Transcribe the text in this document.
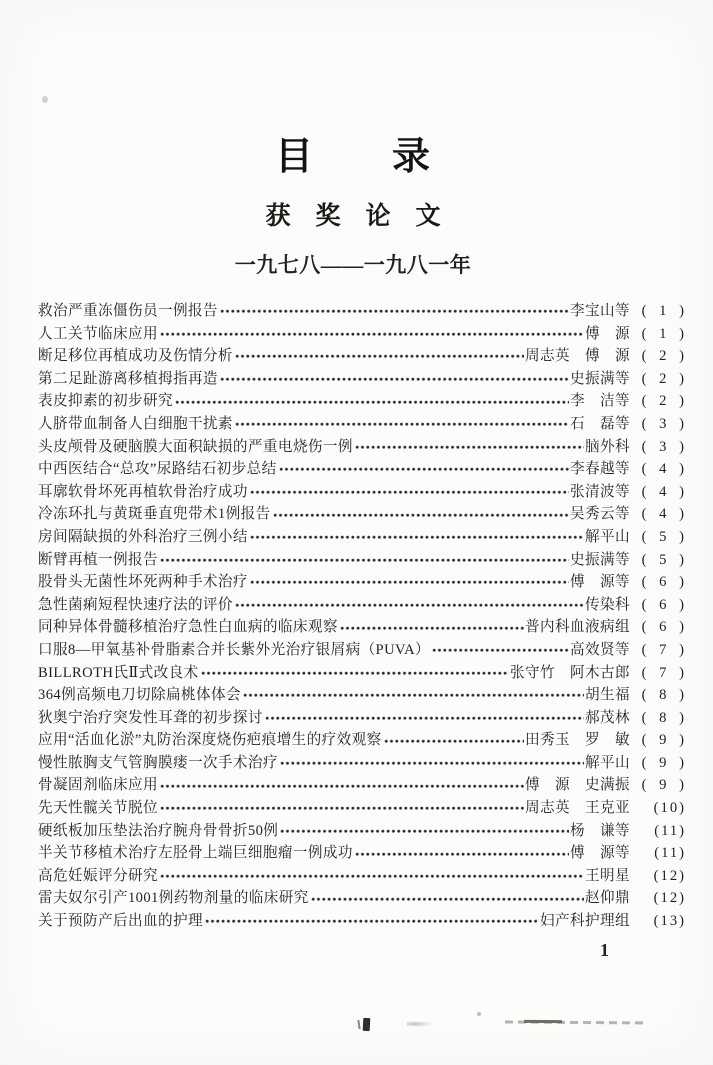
目　　录
获　奖　论　文
一九七八——一九八一年
救治严重冻僵伤员一例报告	李宝山等 ( 1 )
人工关节临床应用	傅　源 ( 1 )
断足移位再植成功及伤情分析	周志英　傅　源 ( 2 )
第二足趾游离移植拇指再造	史振满等 ( 2 )
表皮抑素的初步研究	李　洁等 ( 2 )
人脐带血制备人白细胞干扰素	石　磊等 ( 3 )
头皮颅骨及硬脑膜大面积缺损的严重电烧伤一例	脑外科 ( 3 )
中西医结合“总攻”尿路结石初步总结	李春越等 ( 4 )
耳廓软骨坏死再植软骨治疗成功	张清波等 ( 4 )
冷冻环扎与黄斑垂直兜带术1例报告	吴秀云等 ( 4 )
房间隔缺损的外科治疗三例小结	解平山 ( 5 )
断臂再植一例报告	史振满等 ( 5 )
股骨头无菌性坏死两种手术治疗	傅　源等 ( 6 )
急性菌痢短程快速疗法的评价	传染科 ( 6 )
同种异体骨髓移植治疗急性白血病的临床观察	普内科血液病组 ( 6 )
口服8—甲氧基补骨脂素合并长紫外光治疗银屑病（PUVA）	高效贤等 ( 7 )
BILLROTH氏Ⅱ式改良术	张守竹　阿木古郎 ( 7 )
364例高频电刀切除扁桃体体会	胡生福 ( 8 )
狄奥宁治疗突发性耳聋的初步探讨	郝茂林 ( 8 )
应用“活血化淤”丸防治深度烧伤疤痕增生的疗效观察	田秀玉　罗　敏 ( 9 )
慢性脓胸支气管胸膜瘘一次手术治疗	解平山 ( 9 )
骨凝固剂临床应用	傅　源　史满振 ( 9 )
先天性髋关节脱位	周志英　王克亚	(10)
硬纸板加压垫法治疗腕舟骨骨折50例	杨　谦等	(11)
半关节移植术治疗左胫骨上端巨细胞瘤一例成功	傅　源等	(11)
高危妊娠评分研究	王明星	(12)
雷夫奴尔引产1001例药物剂量的临床研究	赵仰鼎	(12)
关于预防产后出血的护理	妇产科护理组	(13)
1
